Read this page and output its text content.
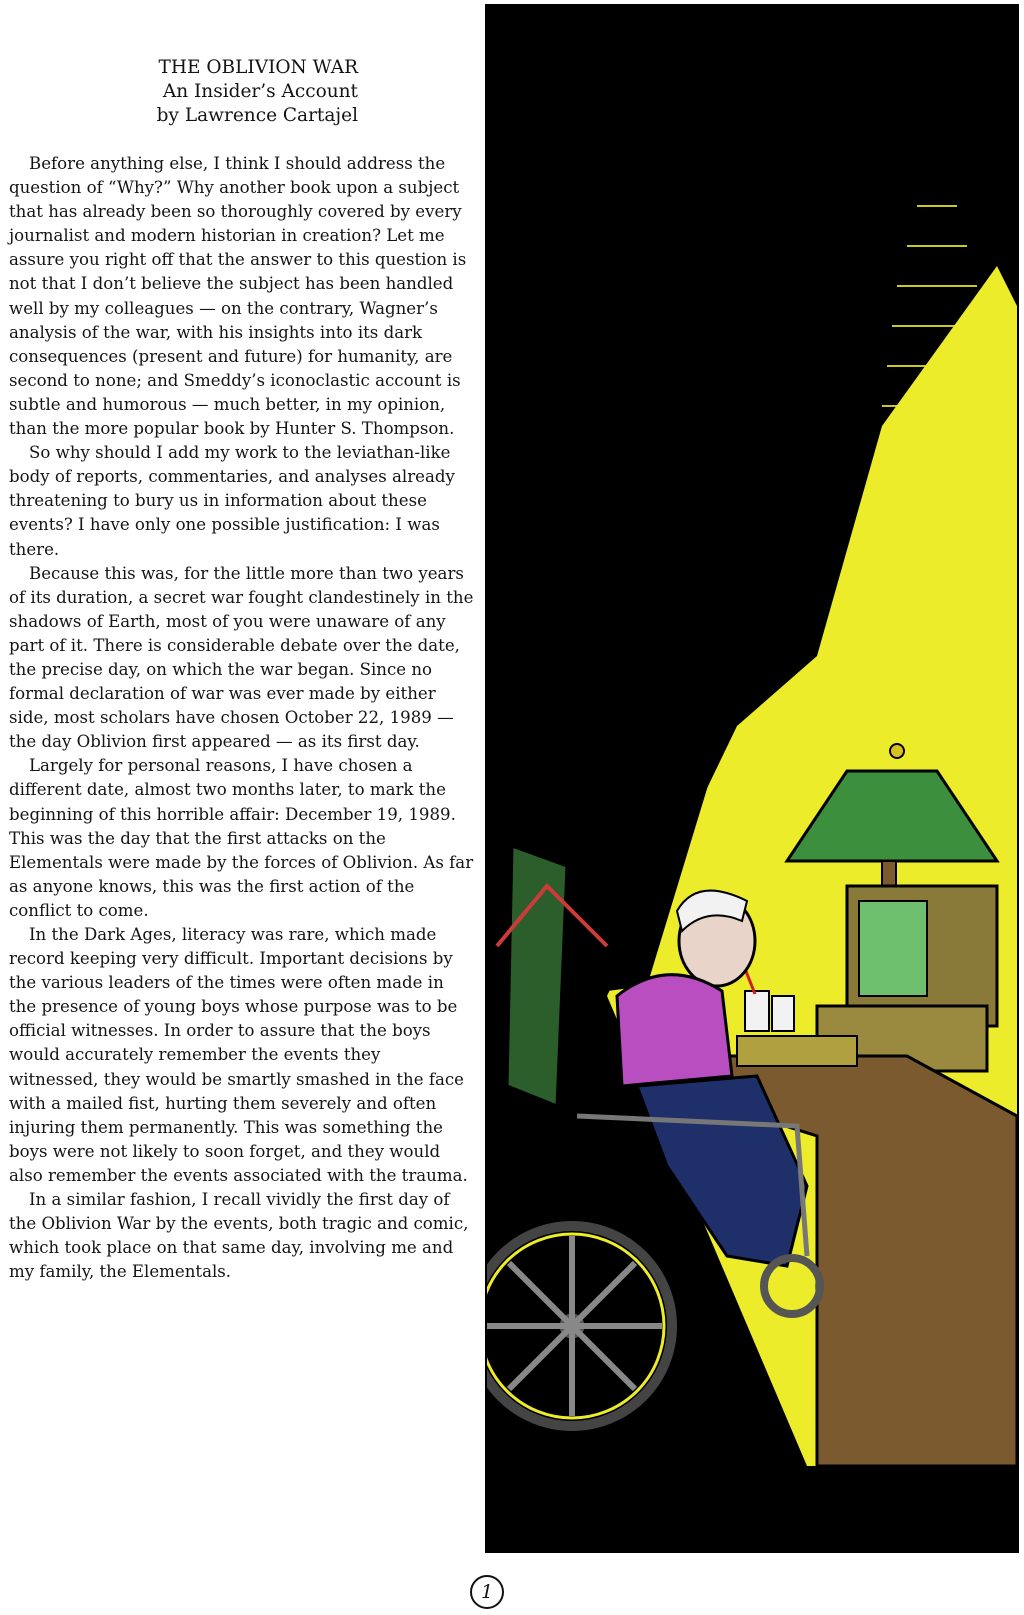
THE OBLIVION WAR
An Insider’s Account
by Lawrence Cartajel

Before anything else, I think I should address the question of “Why?” Why another book upon a subject that has already been so thoroughly covered by every journalist and modern historian in creation? Let me assure you right off that the answer to this question is not that I don’t believe the subject has been handled well by my colleagues — on the contrary, Wagner’s analysis of the war, with his insights into its dark consequences (present and future) for humanity, are second to none; and Smeddy’s iconoclastic account is subtle and humorous — much better, in my opinion, than the more popular book by Hunter S. Thompson.

So why should I add my work to the leviathan-like body of reports, commentaries, and analyses already threatening to bury us in information about these events? I have only one possible justification: I was there.

Because this was, for the little more than two years of its duration, a secret war fought clandestinely in the shadows of Earth, most of you were unaware of any part of it. There is considerable debate over the date, the precise day, on which the war began. Since no formal declaration of war was ever made by either side, most scholars have chosen October 22, 1989 — the day Oblivion first appeared — as its first day.

Largely for personal reasons, I have chosen a different date, almost two months later, to mark the beginning of this horrible affair: December 19, 1989. This was the day that the first attacks on the Elementals were made by the forces of Oblivion. As far as anyone knows, this was the first action of the conflict to come.

In the Dark Ages, literacy was rare, which made record keeping very difficult. Important decisions by the various leaders of the times were often made in the presence of young boys whose purpose was to be official witnesses. In order to assure that the boys would accurately remember the events they witnessed, they would be smartly smashed in the face with a mailed fist, hurting them severely and often injuring them permanently. This was something the boys were not likely to soon forget, and they would also remember the events associated with the trauma.

In a similar fashion, I recall vividly the first day of the Oblivion War by the events, both tragic and comic, which took place on that same day, involving me and my family, the Elementals.

1
